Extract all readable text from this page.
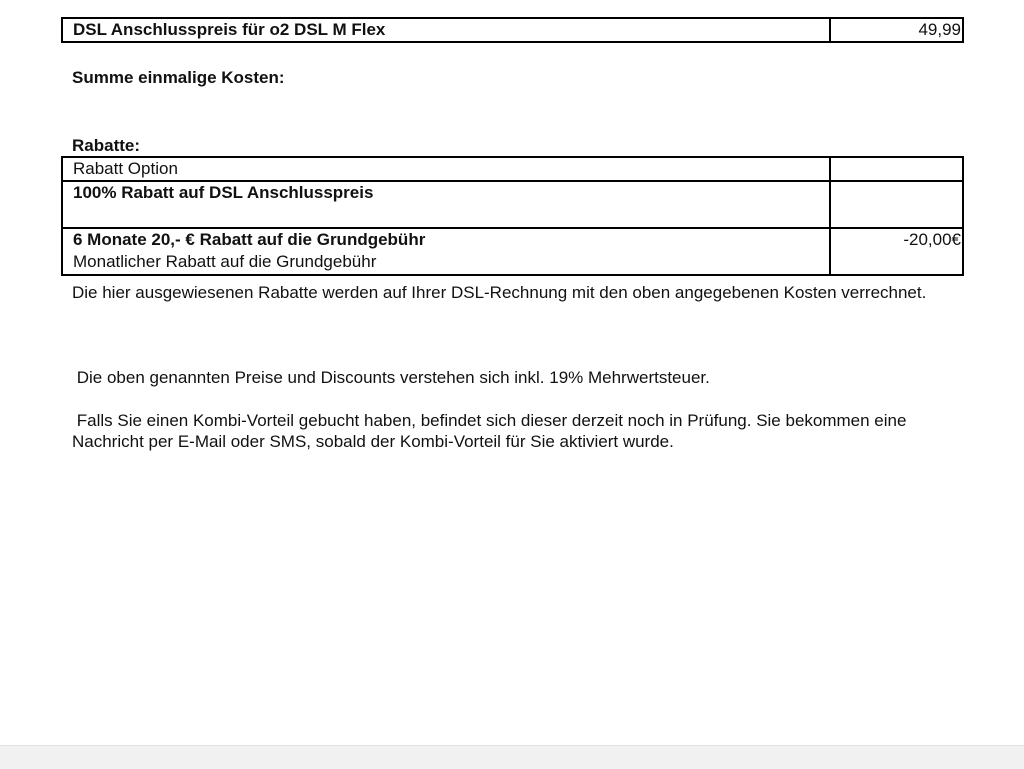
DSL Anschlusspreis für o2 DSL M Flex	49,99
Summe einmalige Kosten:
Rabatte:
Rabatt Option	

100% Rabatt auf DSL Anschlusspreis	

6 Monate 20,- € Rabatt auf die Grundgebühr
Monatlicher Rabatt auf die Grundgebühr	-20,00€
Die hier ausgewiesenen Rabatte werden auf Ihrer DSL-Rechnung mit den oben angegebenen Kosten verrechnet.
Die oben genannten Preise und Discounts verstehen sich inkl. 19% Mehrwertsteuer.
Falls Sie einen Kombi-Vorteil gebucht haben, befindet sich dieser derzeit noch in Prüfung. Sie bekommen eine Nachricht per E-Mail oder SMS, sobald der Kombi-Vorteil für Sie aktiviert wurde.
